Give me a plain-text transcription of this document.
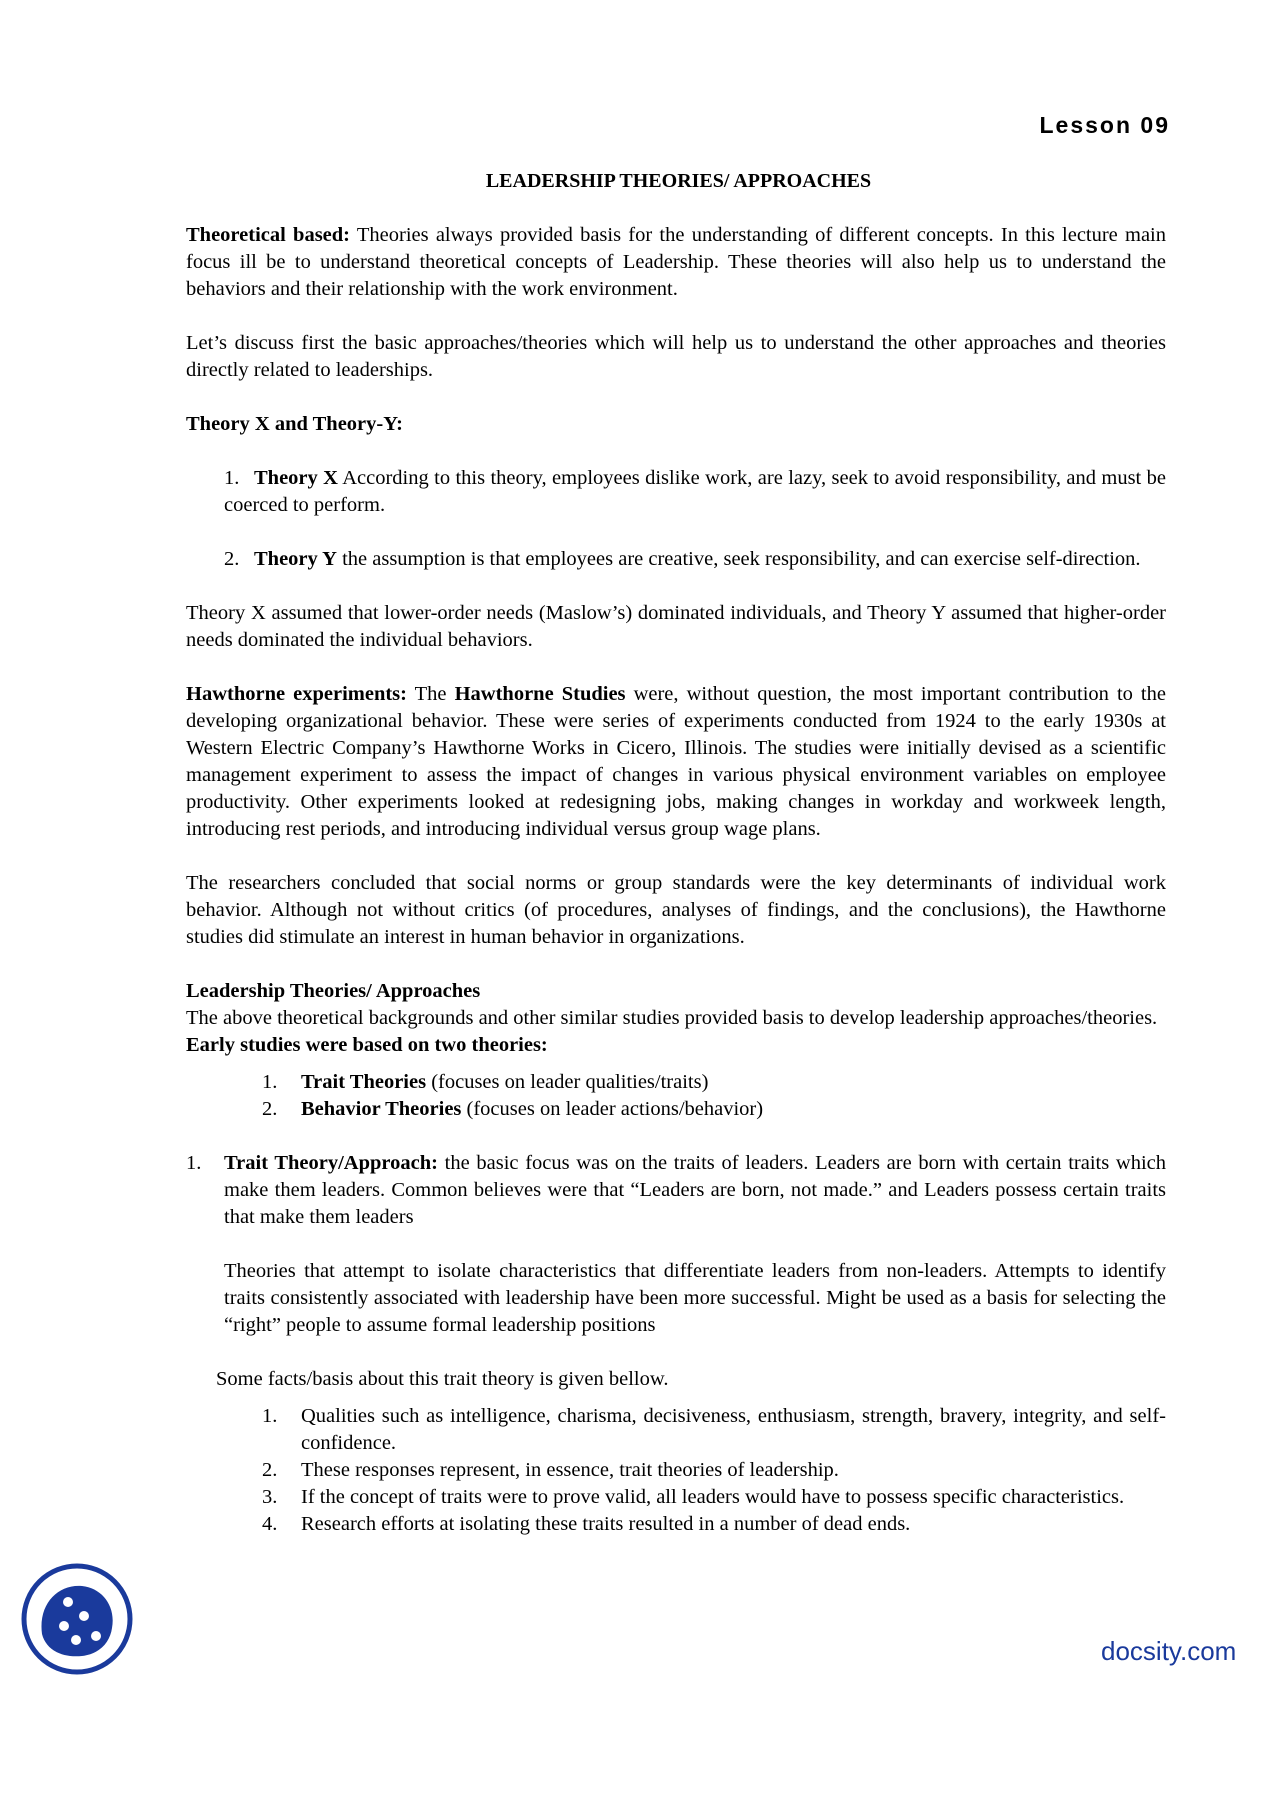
Lesson 09
LEADERSHIP THEORIES/ APPROACHES

Theoretical based: Theories always provided basis for the understanding of different concepts. In this lecture main focus ill be to understand theoretical concepts of Leadership. These theories will also help us to understand the behaviors and their relationship with the work environment.

Let’s discuss first the basic approaches/theories which will help us to understand the other approaches and theories directly related to leaderships.

Theory X and Theory-Y:

1. Theory X According to this theory, employees dislike work, are lazy, seek to avoid responsibility, and must be coerced to perform.

2. Theory Y the assumption is that employees are creative, seek responsibility, and can exercise self-direction.

Theory X assumed that lower-order needs (Maslow’s) dominated individuals, and Theory Y assumed that higher-order needs dominated the individual behaviors.

Hawthorne experiments: The Hawthorne Studies were, without question, the most important contribution to the developing organizational behavior. These were series of experiments conducted from 1924 to the early 1930s at Western Electric Company’s Hawthorne Works in Cicero, Illinois. The studies were initially devised as a scientific management experiment to assess the impact of changes in various physical environment variables on employee productivity. Other experiments looked at redesigning jobs, making changes in workday and workweek length, introducing rest periods, and introducing individual versus group wage plans.

The researchers concluded that social norms or group standards were the key determinants of individual work behavior. Although not without critics (of procedures, analyses of findings, and the conclusions), the Hawthorne studies did stimulate an interest in human behavior in organizations.

Leadership Theories/ Approaches

The above theoretical backgrounds and other similar studies provided basis to develop leadership approaches/theories.

Early studies were based on two theories:

1.	Trait Theories (focuses on leader qualities/traits)
2.	Behavior Theories (focuses on leader actions/behavior)

1. Trait Theory/Approach: the basic focus was on the traits of leaders. Leaders are born with certain traits which make them leaders. Common believes were that “Leaders are born, not made.” and Leaders possess certain traits that make them leaders

Theories that attempt to isolate characteristics that differentiate leaders from non-leaders. Attempts to identify traits consistently associated with leadership have been more successful. Might be used as a basis for selecting the “right” people to assume formal leadership positions

Some facts/basis about this trait theory is given bellow.

1.	Qualities such as intelligence, charisma, decisiveness, enthusiasm, strength, bravery, integrity, and self-confidence.
2.	These responses represent, in essence, trait theories of leadership.
3.	If the concept of traits were to prove valid, all leaders would have to possess specific characteristics.
4.	Research efforts at isolating these traits resulted in a number of dead ends.
docsity.com
